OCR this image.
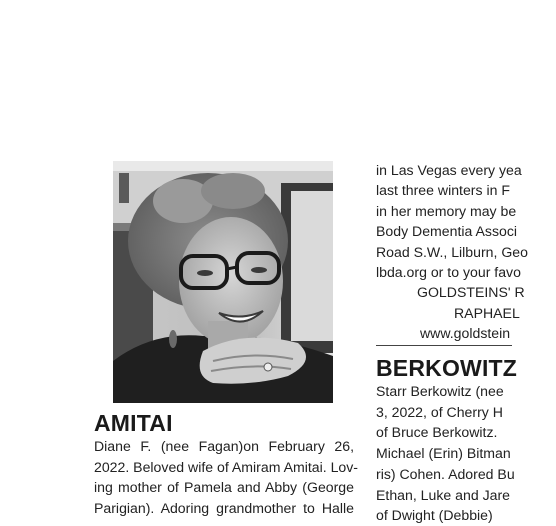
AMITAI
Diane F. (nee Fagan)on February 26,
2022. Beloved wife of Amiram Amitai. Lov-
ing mother of Pamela and Abby (George
Parigian). Adoring grandmother to Halle
in Las Vegas every yea
last three winters in F
in her memory may be
Body Dementia Associ
Road S.W., Lilburn, Geo
lbda.org or to your favo
GOLDSTEINS' R
RAPHAEL
www.goldstein
BERKOWITZ
Starr Berkowitz (nee
3, 2022, of Cherry H
of Bruce Berkowitz.
Michael (Erin) Bitman
ris) Cohen. Adored Bu
Ethan, Luke and Jare
of Dwight (Debbie)
